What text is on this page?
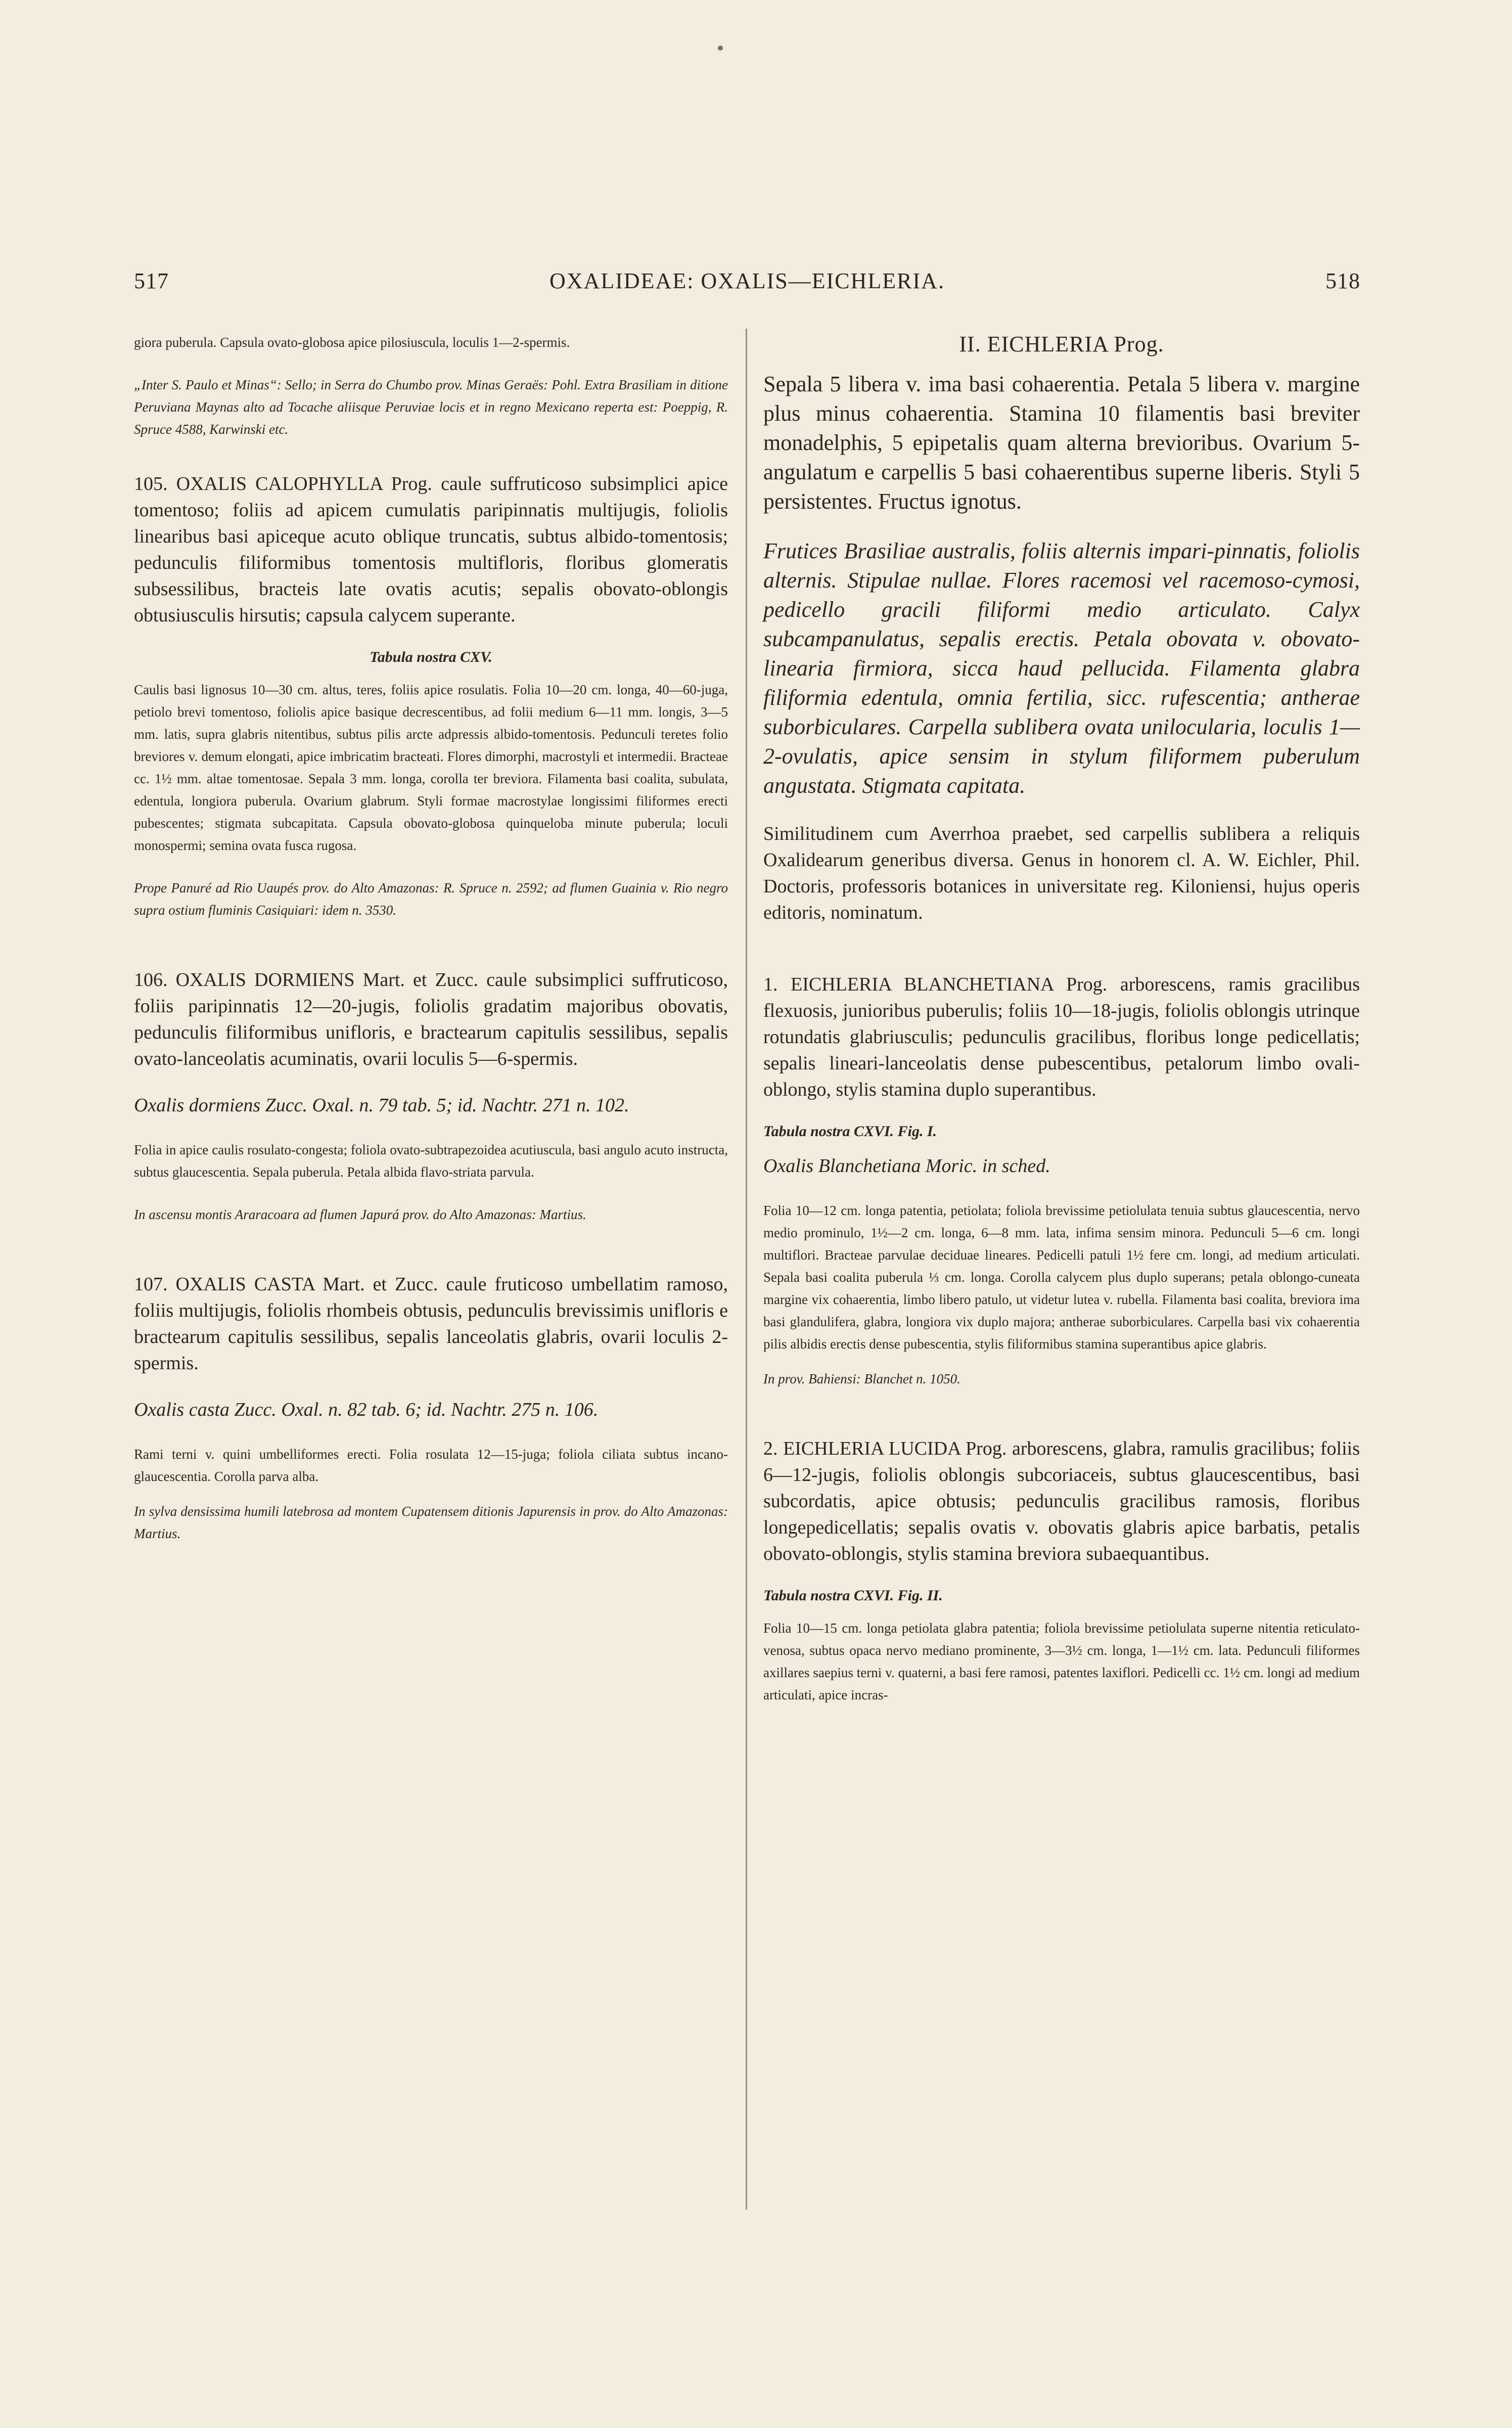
517	OXALIDEAE: OXALIS—EICHLERIA.	518

giora puberula. Capsula ovato-globosa apice pilosiuscula, loculis 1—2-spermis.

„Inter S. Paulo et Minas“: Sello; in Serra do Chumbo prov. Minas Geraës: Pohl. Extra Brasiliam in ditione Peruviana Maynas alto ad Tocache aliisque Peruviae locis et in regno Mexicano reperta est: Poeppig, R. Spruce 4588, Karwinski etc.

105. OXALIS CALOPHYLLA Prog. caule suffruticoso subsimplici apice tomentoso; foliis ad apicem cumulatis paripinnatis multijugis, foliolis linearibus basi apiceque acuto oblique truncatis, subtus albido-tomentosis; pedunculis filiformibus tomentosis multifloris, floribus glomeratis subsessilibus, bracteis late ovatis acutis; sepalis obovato-oblongis obtusiusculis hirsutis; capsula calycem superante.

Tabula nostra CXV.

Caulis basi lignosus 10—30 cm. altus, teres, foliis apice rosulatis. Folia 10—20 cm. longa, 40—60-juga, petiolo brevi tomentoso, foliolis apice basique decrescentibus, ad folii medium 6—11 mm. longis, 3—5 mm. latis, supra glabris nitentibus, subtus pilis arcte adpressis albido-tomentosis. Pedunculi teretes folio breviores v. demum elongati, apice imbricatim bracteati. Flores dimorphi, macrostyli et intermedii. Bracteae cc. 1½ mm. altae tomentosae. Sepala 3 mm. longa, corolla ter breviora. Filamenta basi coalita, subulata, edentula, longiora puberula. Ovarium glabrum. Styli formae macrostylae longissimi filiformes erecti pubescentes; stigmata subcapitata. Capsula obovato-globosa quinqueloba minute puberula; loculi monospermi; semina ovata fusca rugosa.

Prope Panuré ad Rio Uaupés prov. do Alto Amazonas: R. Spruce n. 2592; ad flumen Guainia v. Rio negro supra ostium fluminis Casiquiari: idem n. 3530.

106. OXALIS DORMIENS Mart. et Zucc. caule subsimplici suffruticoso, foliis paripinnatis 12—20-jugis, foliolis gradatim majoribus obovatis, pedunculis filiformibus unifloris, e bractearum capitulis sessilibus, sepalis ovato-lanceolatis acuminatis, ovarii loculis 5—6-spermis.

Oxalis dormiens Zucc. Oxal. n. 79 tab. 5; id. Nachtr. 271 n. 102.

Folia in apice caulis rosulato-congesta; foliola ovato-subtrapezoidea acutiuscula, basi angulo acuto instructa, subtus glaucescentia. Sepala puberula. Petala albida flavo-striata parvula.

In ascensu montis Araracoara ad flumen Japurá prov. do Alto Amazonas: Martius.

107. OXALIS CASTA Mart. et Zucc. caule fruticoso umbellatim ramoso, foliis multijugis, foliolis rhombeis obtusis, pedunculis brevissimis unifloris e bractearum capitulis sessilibus, sepalis lanceolatis glabris, ovarii loculis 2-spermis.

Oxalis casta Zucc. Oxal. n. 82 tab. 6; id. Nachtr. 275 n. 106.

Rami terni v. quini umbelliformes erecti. Folia rosulata 12—15-juga; foliola ciliata subtus incano-glaucescentia. Corolla parva alba.

In sylva densissima humili latebrosa ad montem Cupatensem ditionis Japurensis in prov. do Alto Amazonas: Martius.

II. EICHLERIA Prog.

Sepala 5 libera v. ima basi cohaerentia. Petala 5 libera v. margine plus minus cohaerentia. Stamina 10 filamentis basi breviter monadelphis, 5 epipetalis quam alterna brevioribus. Ovarium 5-angulatum e carpellis 5 basi cohaerentibus superne liberis. Styli 5 persistentes. Fructus ignotus.

Frutices Brasiliae australis, foliis alternis impari-pinnatis, foliolis alternis. Stipulae nullae. Flores racemosi vel racemoso-cymosi, pedicello gracili filiformi medio articulato. Calyx subcampanulatus, sepalis erectis. Petala obovata v. obovato-linearia firmiora, sicca haud pellucida. Filamenta glabra filiformia edentula, omnia fertilia, sicc. rufescentia; antherae suborbiculares. Carpella sublibera ovata unilocularia, loculis 1—2-ovulatis, apice sensim in stylum filiformem puberulum angustata. Stigmata capitata.

Similitudinem cum Averrhoa praebet, sed carpellis sublibera a reliquis Oxalidearum generibus diversa. Genus in honorem cl. A. W. Eichler, Phil. Doctoris, professoris botanices in universitate reg. Kiloniensi, hujus operis editoris, nominatum.

1. EICHLERIA BLANCHETIANA Prog. arborescens, ramis gracilibus flexuosis, junioribus puberulis; foliis 10—18-jugis, foliolis oblongis utrinque rotundatis glabriusculis; pedunculis gracilibus, floribus longe pedicellatis; sepalis lineari-lanceolatis dense pubescentibus, petalorum limbo ovali-oblongo, stylis stamina duplo superantibus.

Tabula nostra CXVI. Fig. I.

Oxalis Blanchetiana Moric. in sched.

Folia 10—12 cm. longa patentia, petiolata; foliola brevissime petiolulata tenuia subtus glaucescentia, nervo medio prominulo, 1½—2 cm. longa, 6—8 mm. lata, infima sensim minora. Pedunculi 5—6 cm. longi multiflori. Bracteae parvulae deciduae lineares. Pedicelli patuli 1½ fere cm. longi, ad medium articulati. Sepala basi coalita puberula ⅓ cm. longa. Corolla calycem plus duplo superans; petala oblongo-cuneata margine vix cohaerentia, limbo libero patulo, ut videtur lutea v. rubella. Filamenta basi coalita, breviora ima basi glandulifera, glabra, longiora vix duplo majora; antherae suborbiculares. Carpella basi vix cohaerentia pilis albidis erectis dense pubescentia, stylis filiformibus stamina superantibus apice glabris.

In prov. Bahiensi: Blanchet n. 1050.

2. EICHLERIA LUCIDA Prog. arborescens, glabra, ramulis gracilibus; foliis 6—12-jugis, foliolis oblongis subcoriaceis, subtus glaucescentibus, basi subcordatis, apice obtusis; pedunculis gracilibus ramosis, floribus longepedicellatis; sepalis ovatis v. obovatis glabris apice barbatis, petalis obovato-oblongis, stylis stamina breviora subaequantibus.

Tabula nostra CXVI. Fig. II.

Folia 10—15 cm. longa petiolata glabra patentia; foliola brevissime petiolulata superne nitentia reticulato-venosa, subtus opaca nervo mediano prominente, 3—3½ cm. longa, 1—1½ cm. lata. Pedunculi filiformes axillares saepius terni v. quaterni, a basi fere ramosi, patentes laxiflori. Pedicelli cc. 1½ cm. longi ad medium articulati, apice incras-
